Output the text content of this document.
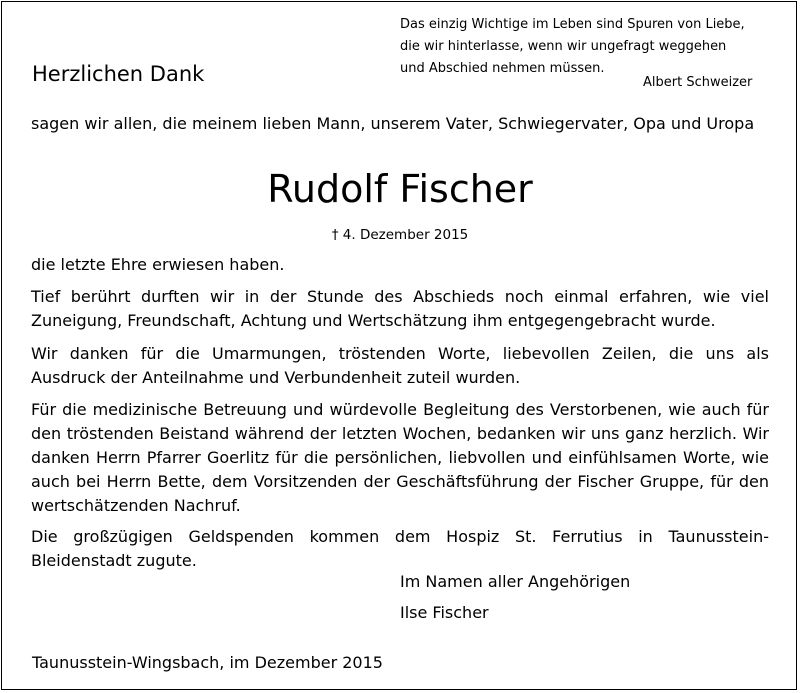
Das einzig Wichtige im Leben sind Spuren von Liebe,
die wir hinterlasse, wenn wir ungefragt weggehen
und Abschied nehmen müssen.
Albert Schweizer
Herzlichen Dank
sagen wir allen, die meinem lieben Mann, unserem Vater, Schwiegervater, Opa und Uropa
Rudolf Fischer
† 4. Dezember 2015
die letzte Ehre erwiesen haben.
Tief berührt durften wir in der Stunde des Abschieds noch einmal erfahren, wie viel Zuneigung, Freundschaft, Achtung und Wertschätzung ihm entgegengebracht wurde.
Wir danken für die Umarmungen, tröstenden Worte, liebevollen Zeilen, die uns als Ausdruck der Anteilnahme und Verbundenheit zuteil wurden.
Für die medizinische Betreuung und würdevolle Begleitung des Verstorbenen, wie auch für den tröstenden Beistand während der letzten Wochen, bedanken wir uns ganz herzlich. Wir danken Herrn Pfarrer Goerlitz für die persönlichen, liebvollen und einfühlsamen Worte, wie auch bei Herrn Bette, dem Vorsitzenden der Geschäftsführung der Fischer Gruppe, für den wertschätzenden Nachruf.
Die großzügigen Geldspenden kommen dem Hospiz St. Ferrutius in Taunusstein-Bleidenstadt zugute.
Im Namen aller Angehörigen
Ilse Fischer
Taunusstein-Wingsbach, im Dezember 2015
